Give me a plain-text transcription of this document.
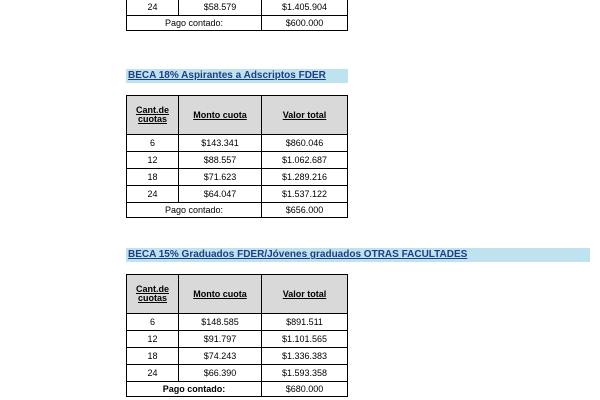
24	$58.579	$1.405.904
Pago contado:		$600.000
BECA 18% Aspirantes a Adscriptos FDER
Cant.de cuotas	Monto cuota	Valor total
6	$143.341	$860.046
12	$88.557	$1.062.687
18	$71.623	$1.289.216
24	$64.047	$1.537.122
Pago contado:		$656.000
BECA 15% Graduados FDER/Jóvenes graduados OTRAS FACULTADES
Cant.de cuotas	Monto cuota	Valor total
6	$148.585	$891.511
12	$91.797	$1.101.565
18	$74.243	$1.336.383
24	$66.390	$1.593.358
Pago contado:		$680.000
